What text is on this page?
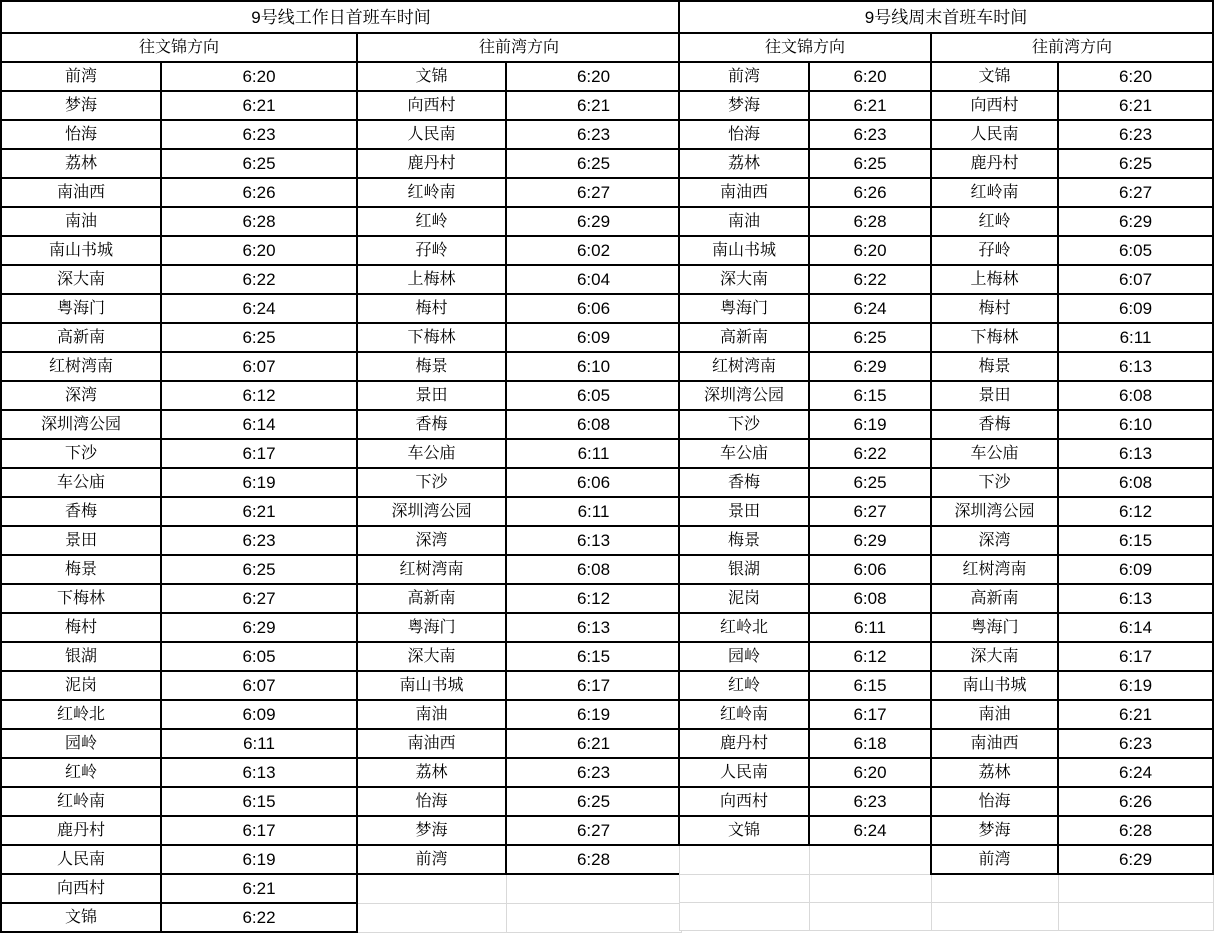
9号线工作日首班车时间			
往文锦方向		往前湾方向	
前湾	6:20	文锦	6:20
梦海	6:21	向西村	6:21
怡海	6:23	人民南	6:23
荔林	6:25	鹿丹村	6:25
南油西	6:26	红岭南	6:27
南油	6:28	红岭	6:29
南山书城	6:20	孖岭	6:02
深大南	6:22	上梅林	6:04
粤海门	6:24	梅村	6:06
高新南	6:25	下梅林	6:09
红树湾南	6:07	梅景	6:10
深湾	6:12	景田	6:05
深圳湾公园	6:14	香梅	6:08
下沙	6:17	车公庙	6:11
车公庙	6:19	下沙	6:06
香梅	6:21	深圳湾公园	6:11
景田	6:23	深湾	6:13
梅景	6:25	红树湾南	6:08
下梅林	6:27	高新南	6:12
梅村	6:29	粤海门	6:13
银湖	6:05	深大南	6:15
泥岗	6:07	南山书城	6:17
红岭北	6:09	南油	6:19
园岭	6:11	南油西	6:21
红岭	6:13	荔林	6:23
红岭南	6:15	怡海	6:25
鹿丹村	6:17	梦海	6:27
人民南	6:19	前湾	6:28
向西村	6:21		
文锦	6:22		
9号线周末首班车时间			
往文锦方向		往前湾方向	
前湾	6:20	文锦	6:20
梦海	6:21	向西村	6:21
怡海	6:23	人民南	6:23
荔林	6:25	鹿丹村	6:25
南油西	6:26	红岭南	6:27
南油	6:28	红岭	6:29
南山书城	6:20	孖岭	6:05
深大南	6:22	上梅林	6:07
粤海门	6:24	梅村	6:09
高新南	6:25	下梅林	6:11
红树湾南	6:29	梅景	6:13
深圳湾公园	6:15	景田	6:08
下沙	6:19	香梅	6:10
车公庙	6:22	车公庙	6:13
香梅	6:25	下沙	6:08
景田	6:27	深圳湾公园	6:12
梅景	6:29	深湾	6:15
银湖	6:06	红树湾南	6:09
泥岗	6:08	高新南	6:13
红岭北	6:11	粤海门	6:14
园岭	6:12	深大南	6:17
红岭	6:15	南山书城	6:19
红岭南	6:17	南油	6:21
鹿丹村	6:18	南油西	6:23
人民南	6:20	荔林	6:24
向西村	6:23	怡海	6:26
文锦	6:24	梦海	6:28
		前湾	6:29
